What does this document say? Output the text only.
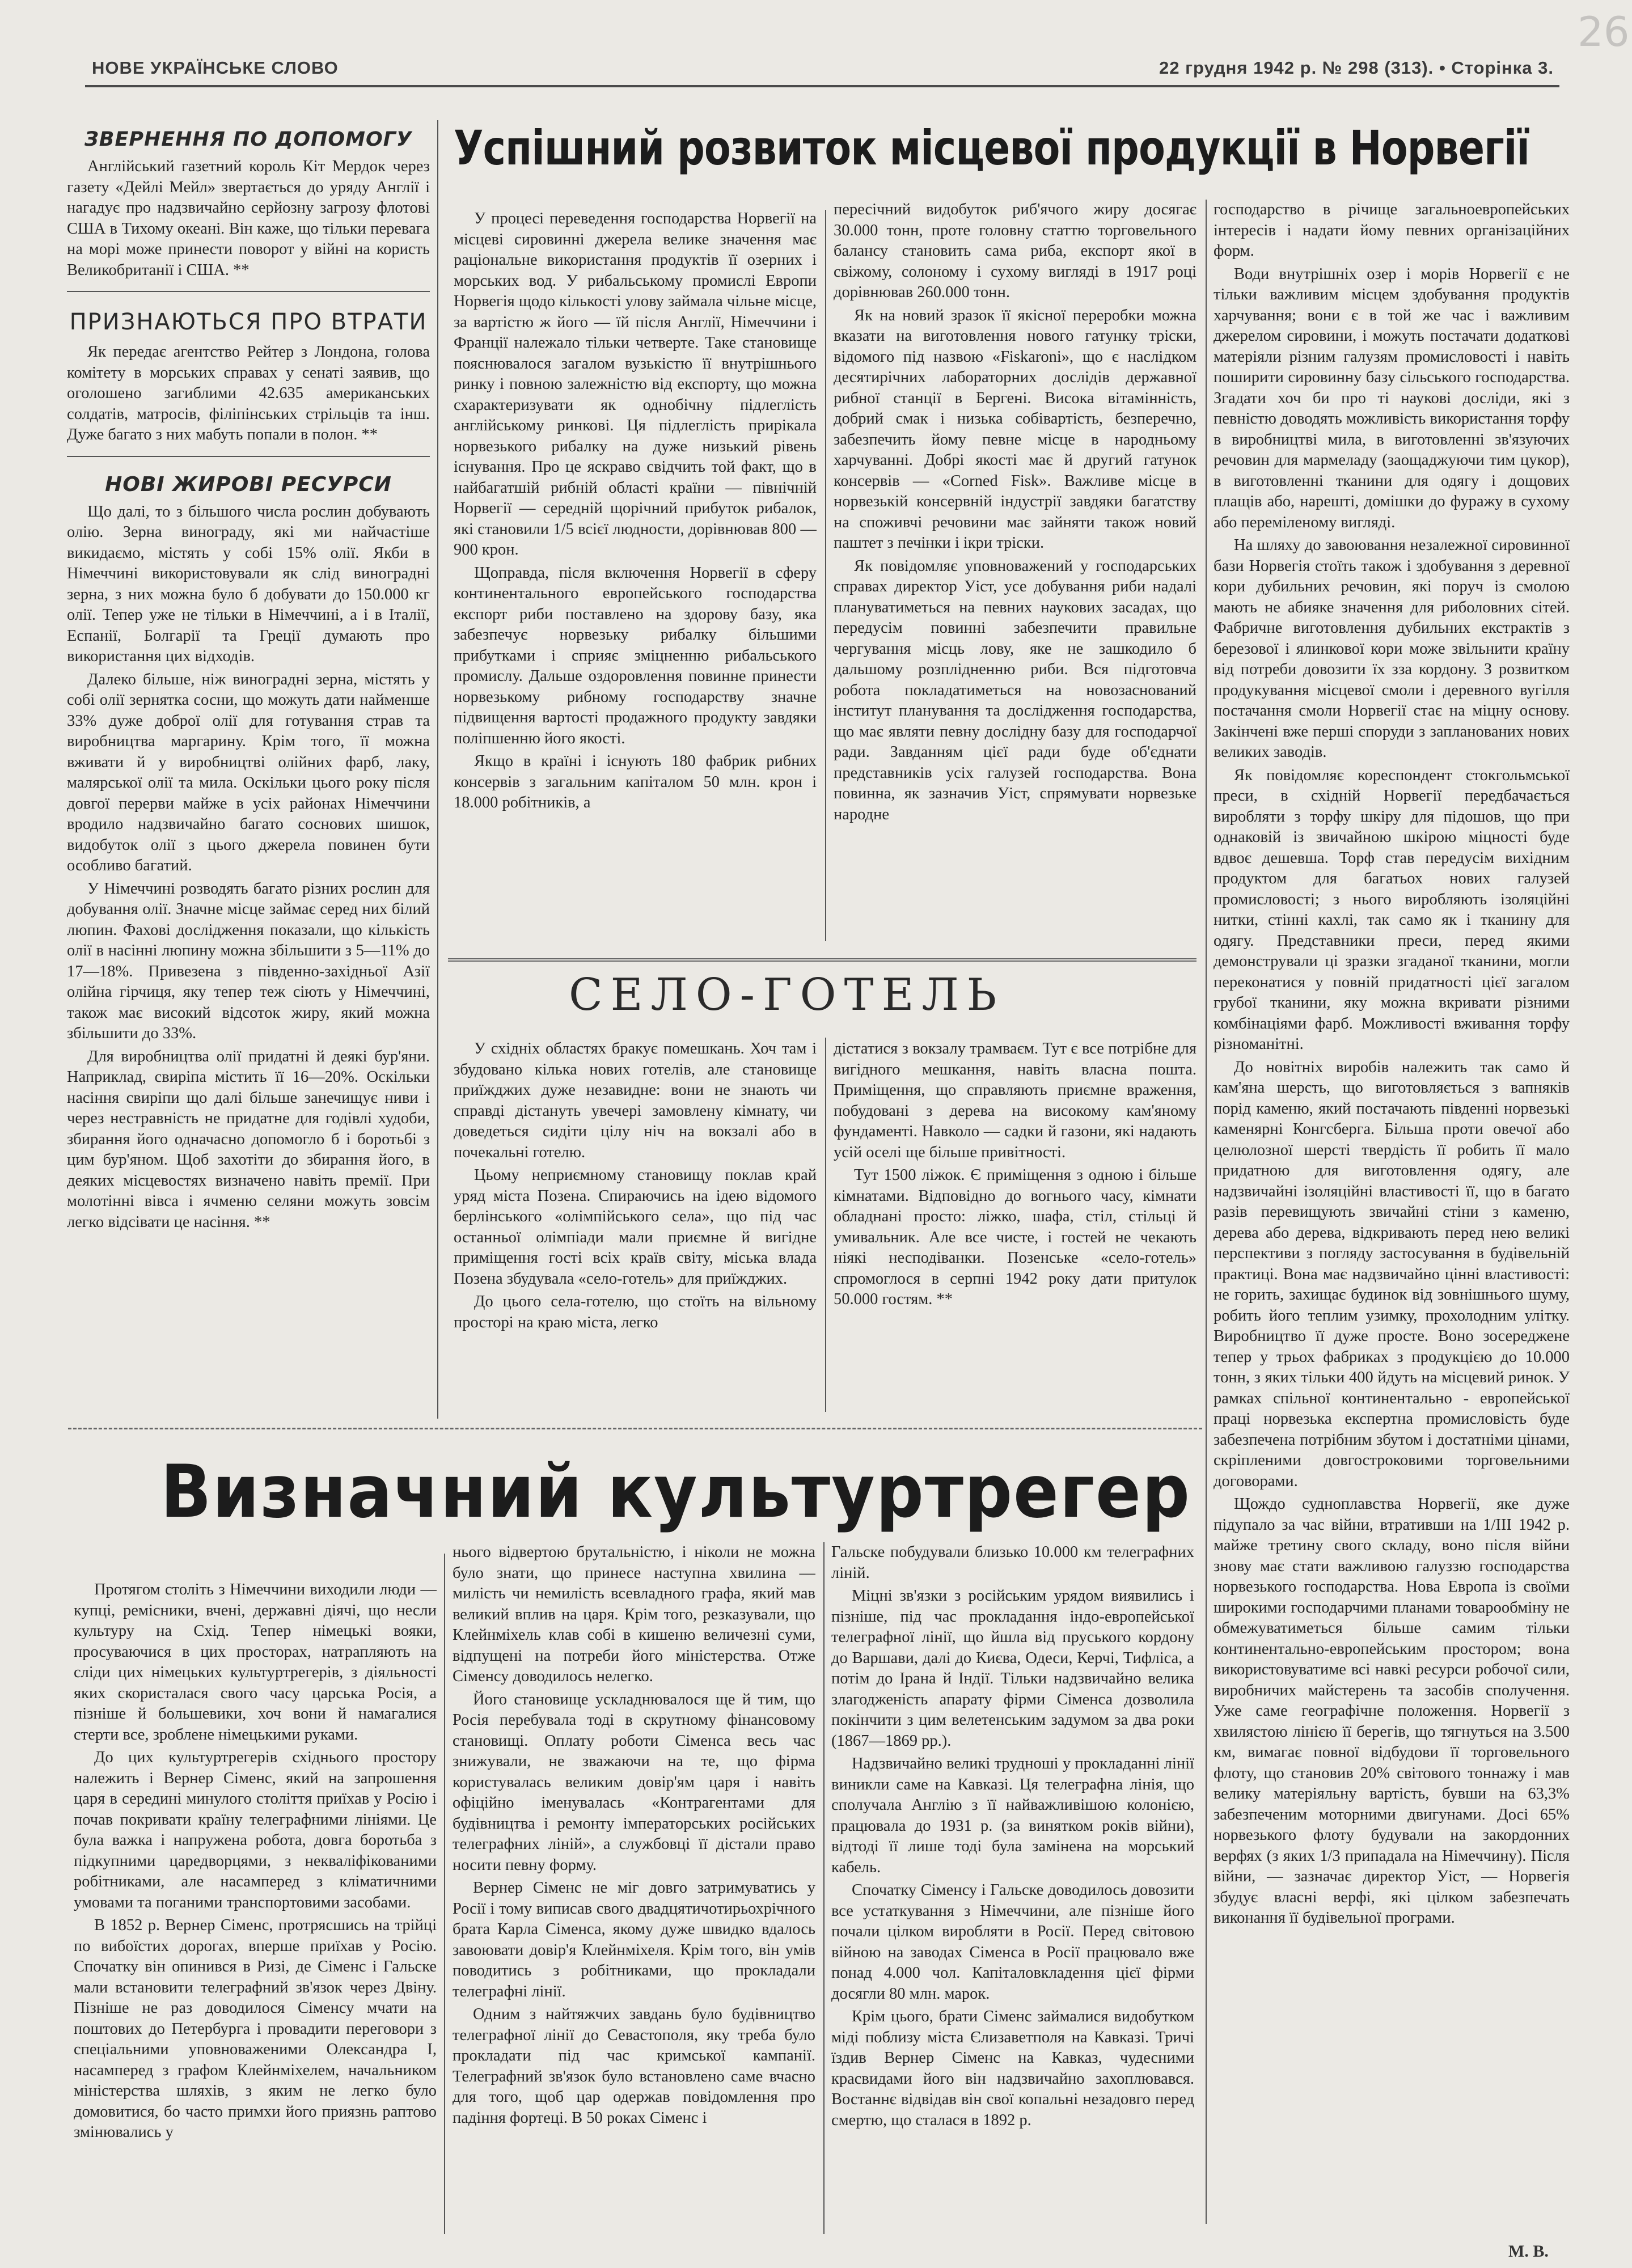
26
НОВЕ УКРАЇНСЬКЕ СЛОВО	22 грудня 1942 р. № 298 (313). • Сторінка 3.
ЗВЕРНЕННЯ ПО ДОПОМОГУ

Англійський газетний король Кіт Мердок через газету «Дейлі Мейл» звертається до уряду Англії і нагадує про надзвичайно серйозну загрозу флотові США в Тихому океані. Він каже, що тільки перевага на морі може принести поворот у війні на користь Великобританії і США. **

ПРИЗНАЮТЬСЯ ПРО ВТРАТИ

Як передає агентство Рейтер з Лондона, голова комітету в морських справах у сенаті заявив, що оголошено загиблими 42.635 американських солдатів, матросів, філіпінських стрільців та інш. Дуже багато з них мабуть попали в полон. **

НОВІ ЖИРОВІ РЕСУРСИ

Що далі, то з більшого числа рослин добувають олію. Зерна винограду, які ми найчастіше викидаємо, містять у собі 15% олії. Якби в Німеччині використовували як слід виноградні зерна, з них можна було б добувати до 150.000 кг олії. Тепер уже не тільки в Німеччині, а і в Італії, Еспанії, Болгарії та Греції думають про використання цих відходів.

Далеко більше, ніж виноградні зерна, містять у собі олії зернятка сосни, що можуть дати найменше 33% дуже доброї олії для готування страв та виробництва маргарину. Крім того, її можна вживати й у виробництві олійних фарб, лаку, малярської олії та мила. Оскільки цього року після довгої перерви майже в усіх районах Німеччини вродило надзвичайно багато соснових шишок, видобуток олії з цього джерела повинен бути особливо багатий.

У Німеччині розводять багато різних рослин для добування олії. Значне місце займає серед них білий люпин. Фахові дослідження показали, що кількість олії в насінні люпину можна збільшити з 5—11% до 17—18%. Привезена з південно-західньої Азії олійна гірчиця, яку тепер теж сіють у Німеччині, також має високий відсоток жиру, який можна збільшити до 33%.

Для виробництва олії придатні й деякі бур'яни. Наприклад, свиріпа містить її 16—20%. Оскільки насіння свиріпи що далі більше занечищує ниви і через нестравність не придатне для годівлі худоби, збирання його одначасно допомогло б і боротьбі з цим бур'яном. Щоб захотіти до збирання його, в деяких місцевостях визначено навіть премії. При молотінні вівса і ячменю селяни можуть зовсім легко відсівати це насіння. **

Успішний розвиток місцевої продукції в Норвегії

У процесі переведення господарства Норвегії на місцеві сировинні джерела велике значення має раціональне використання продуктів її озерних і морських вод. У рибальському промислі Европи Норвегія щодо кількості улову займала чільне місце, за вартістю ж його — їй після Англії, Німеччини і Франції належало тільки четверте. Таке становище пояснювалося загалом вузькістю її внутрішнього ринку і повною залежністю від експорту, що можна схарактеризувати як однобічну підлеглість англійському ринкові. Ця підлеглість прирікала норвезького рибалку на дуже низький рівень існування. Про це яскраво свідчить той факт, що в найбагатшій рибній області країни — північній Норвегії — середній щорічний прибуток рибалок, які становили 1/5 всієї людности, дорівнював 800 — 900 крон.

Щоправда, після включення Норвегії в сферу континентального европейського господарства експорт риби поставлено на здорову базу, яка забезпечує норвезьку рибалку більшими прибутками і сприяє зміцненню рибальського промислу. Дальше оздоровлення повинне принести норвезькому рибному господарству значне підвищення вартості продажного продукту завдяки поліпшенню його якості.

Якщо в країні і існують 180 фабрик рибних консервів з загальним капіталом 50 млн. крон і 18.000 робітників, а

пересічний видобуток риб'ячого жиру досягає 30.000 тонн, проте головну статтю торговельного балансу становить сама риба, експорт якої в свіжому, солоному і сухому вигляді в 1917 році дорівнював 260.000 тонн.

Як на новий зразок її якісної переробки можна вказати на виготовлення нового гатунку тріски, відомого під назвою «Fiskaroni», що є наслідком десятирічних лабораторних дослідів державної рибної станції в Бергені. Висока вітамінність, добрий смак і низька собівартість, безперечно, забезпечить йому певне місце в народньому харчуванні. Добрі якості має й другий гатунок консервів — «Corned Fisk». Важливе місце в норвезькій консервній індустрії завдяки багатству на споживчі речовини має зайняти також новий паштет з печінки і ікри тріски.

Як повідомляє уповноважений у господарських справах директор Уіст, усе добування риби надалі плануватиметься на певних наукових засадах, що передусім повинні забезпечити правильне чергування місць лову, яке не зашкодило б дальшому розплідненню риби. Вся підготовча робота покладатиметься на новозаснований інститут планування та дослідження господарства, що має являти певну дослідну базу для господарчої ради. Завданням цієї ради буде об'єднати представників усіх галузей господарства. Вона повинна, як зазначив Уіст, спрямувати норвезьке народне

господарство в річище загальноевропейських інтересів і надати йому певних організаційних форм.

Води внутрішніх озер і морів Норвегії є не тільки важливим місцем здобування продуктів харчування; вони є в той же час і важливим джерелом сировини, і можуть постачати додаткові матеріяли різним галузям промисловості і навіть поширити сировинну базу сільського господарства. Згадати хоч би про ті наукові досліди, які з певністю доводять можливість використання торфу в виробництві мила, в виготовленні зв'язуючих речовин для мармеладу (заощаджуючи тим цукор), в виготовленні тканини для одягу і дощових плащів або, нарешті, домішки до фуражу в сухому або переміленому вигляді.

На шляху до завоювання незалежної сировинної бази Норвегія стоїть також і здобування з деревної кори дубильних речовин, які поруч із смолою мають не абияке значення для риболовних сітей. Фабричне виготовлення дубильних екстрактів з березової і ялинкової кори може звільнити країну від потреби довозити їх зза кордону. З розвитком продукування місцевої смоли і деревного вугілля постачання смоли Норвегії стає на міцну основу. Закінчені вже перші споруди з запланованих нових великих заводів.

Як повідомляє кореспондент стокгольмської преси, в східній Норвегії передбачається виробляти з торфу шкіру для підошов, що при однаковій із звичайною шкірою міцності буде вдвоє дешевша. Торф став передусім вихідним продуктом для багатьох нових галузей промисловості; з нього виробляють ізоляційні нитки, стінні кахлі, так само як і тканину для одягу. Представники преси, перед якими демонстрували ці зразки згаданої тканини, могли переконатися у повній придатності цієї загалом грубої тканини, яку можна вкривати різними комбінаціями фарб. Можливості вживання торфу різноманітні.

До новітніх виробів належить так само й кам'яна шерсть, що виготовляється з вапняків порід каменю, який постачають південні норвезькі каменярні Конгсберга. Більша проти овечої або целюлозної шерсті твердість її робить її мало придатною для виготовлення одягу, але надзвичайні ізоляційні властивості її, що в багато разів перевищують звичайні стіни з каменю, дерева або дерева, відкривають перед нею великі перспективи з погляду застосування в будівельній практиці. Вона має надзвичайно цінні властивості: не горить, захищає будинок від зовнішнього шуму, робить його теплим узимку, прохолодним улітку. Виробництво її дуже просте. Воно зосереджене тепер у трьох фабриках з продукцією до 10.000 тонн, з яких тільки 400 йдуть на місцевий ринок. У рамках спільної континентально - европейської праці норвезька експертна промисловість буде забезпечена потрібним збутом і достатніми цінами, скріпленими довгостроковими торговельними договорами.

Щождо судноплавства Норвегії, яке дуже підупало за час війни, втративши на 1/ІІІ 1942 р. майже третину свого складу, воно після війни знову має стати важливою галуззю господарства норвезького господарства. Нова Европа із своїми широкими господарчими планами товарообміну не обмежуватиметься більше самим тільки континентально-европейським простором; вона використовуватиме всі навкі ресурси робочої сили, виробничих майстерень та засобів сполучення. Уже саме географічне положення. Норвегії з хвилястою лінією її берегів, що тягнуться на 3.500 км, вимагає повної відбудови її торговельного флоту, що становив 20% світового тоннажу і мав велику матеріяльну вартість, бувши на 63,3% забезпеченим моторними двигунами. Досі 65% норвезького флоту будували на закордонних верфях (з яких 1/3 припадала на Німеччину). Після війни, — зазначає директор Уіст, — Норвегія збудує власні верфі, які цілком забезпечать виконання її будівельної програми.

М. В.
СЕЛО-ГОТЕЛЬ

У східніх областях бракує помешкань. Хоч там і збудовано кілька нових готелів, але становище приїжджих дуже незавидне: вони не знають чи справді дістануть увечері замовлену кімнату, чи доведеться сидіти цілу ніч на вокзалі або в почекальні готелю.

Цьому неприємному становищу поклав край уряд міста Позена. Спираючись на ідею відомого берлінського «олімпійського села», що під час останньої олімпіади мали приємне й вигідне приміщення гості всіх країв світу, міська влада Позена збудувала «село-готель» для приїжджих.

До цього села-готелю, що стоїть на вільному просторі на краю міста, легко

дістатися з вокзалу трамваєм. Тут є все потрібне для вигідного мешкання, навіть власна пошта. Приміщення, що справляють приємне враження, побудовані з дерева на високому кам'яному фундаменті. Навколо — садки й газони, які надають усій оселі ще більше привітності.

Тут 1500 ліжок. Є приміщення з одною і більше кімнатами. Відповідно до вогнього часу, кімнати обладнані просто: ліжко, шафа, стіл, стільці й умивальник. Але все чисте, і гостей не чекають ніякі несподіванки. Позенське «село-готель» спромоглося в серпні 1942 року дати притулок 50.000 гостям. **

Визначний культуртрегер

Протягом століть з Німеччини виходили люди — купці, ремісники, вчені, державні діячі, що несли культуру на Схід. Тепер німецькі вояки, просуваючися в цих просторах, натрапляють на сліди цих німецьких культуртрегерів, з діяльності яких скористалася свого часу царська Росія, а пізніше й большевики, хоч вони й намагалися стерти все, зроблене німецькими руками.

До цих культуртрегерів східнього простору належить і Вернер Сіменс, який на запрошення царя в середині минулого століття приїхав у Росію і почав покривати країну телеграфними лініями. Це була важка і напружена робота, довга боротьба з підкупними царедворцями, з некваліфікованими робітниками, але насамперед з кліматичними умовами та поганими транспортовими засобами.

В 1852 р. Вернер Сіменс, протрясшись на трійці по вибоїстих дорогах, вперше приїхав у Росію. Спочатку він опинився в Ризі, де Сіменс і Гальске мали встановити телеграфний зв'язок через Двіну. Пізніше не раз доводилося Сіменсу мчати на поштових до Петербурга і провадити переговори з спеціальними уповноваженими Олександра I, насамперед з графом Клейнміхелем, начальником міністерства шляхів, з яким не легко було домовитися, бо часто примхи його приязнь раптово змінювались у

нього відвертою брутальністю, і ніколи не можна було знати, що принесе наступна хвилина — милість чи немилість всевладного графа, який мав великий вплив на царя. Крім того, резказували, що Клейнміхель клав собі в кишеню величезні суми, відпущені на потреби його міністерства. Отже Сіменсу доводилось нелегко.

Його становище ускладнювалося ще й тим, що Росія перебувала тоді в скрутному фінансовому становищі. Оплату роботи Сіменса весь час знижували, не зважаючи на те, що фірма користувалась великим довір'ям царя і навіть офіційно іменувалась «Контрагентами для будівництва і ремонту імператорських російських телеграфних ліній», а службовці її дістали право носити певну форму.

Вернер Сіменс не міг довго затримуватись у Росії і тому виписав свого двадцятичотирьохрічного брата Карла Сіменса, якому дуже швидко вдалось завоювати довір'я Клейнміхеля. Крім того, він умів поводитись з робітниками, що прокладали телеграфні лінії.

Одним з найтяжчих завдань було будівництво телеграфної лінії до Севастополя, яку треба було прокладати під час кримської кампанії. Телеграфний зв'язок було встановлено саме вчасно для того, щоб цар одержав повідомлення про падіння фортеці. В 50 роках Сіменс і

Гальске побудували близько 10.000 км телеграфних ліній.

Міцні зв'язки з російським урядом виявились і пізніше, під час прокладання індо-европейської телеграфної лінії, що йшла від пруського кордону до Варшави, далі до Києва, Одеси, Керчі, Тифліса, а потім до Ірана й Індії. Тільки надзвичайно велика злагодженість апарату фірми Сіменса дозволила покінчити з цим велетенським задумом за два роки (1867—1869 рр.).

Надзвичайно великі трудноші у прокладанні лінії виникли саме на Кавказі. Ця телеграфна лінія, що сполучала Англію з її найважливішою колонією, працювала до 1931 р. (за винятком років війни), відтоді її лише тоді була замінена на морський кабель.

Спочатку Сіменсу і Гальске доводилось довозити все устаткування з Німеччини, але пізніше його почали цілком виробляти в Росії. Перед світовою війною на заводах Сіменса в Росії працювало вже понад 4.000 чол. Капіталовкладення цієї фірми досягли 80 млн. марок.

Крім цього, брати Сіменс займалися видобутком міді поблизу міста Єлизаветполя на Кавказі. Тричі їздив Вернер Сіменс на Кавказ, чудесними красвидами його він надзвичайно захоплювався. Востаннє відвідав він свої копальні незадовго перед смертю, що сталася в 1892 р.
